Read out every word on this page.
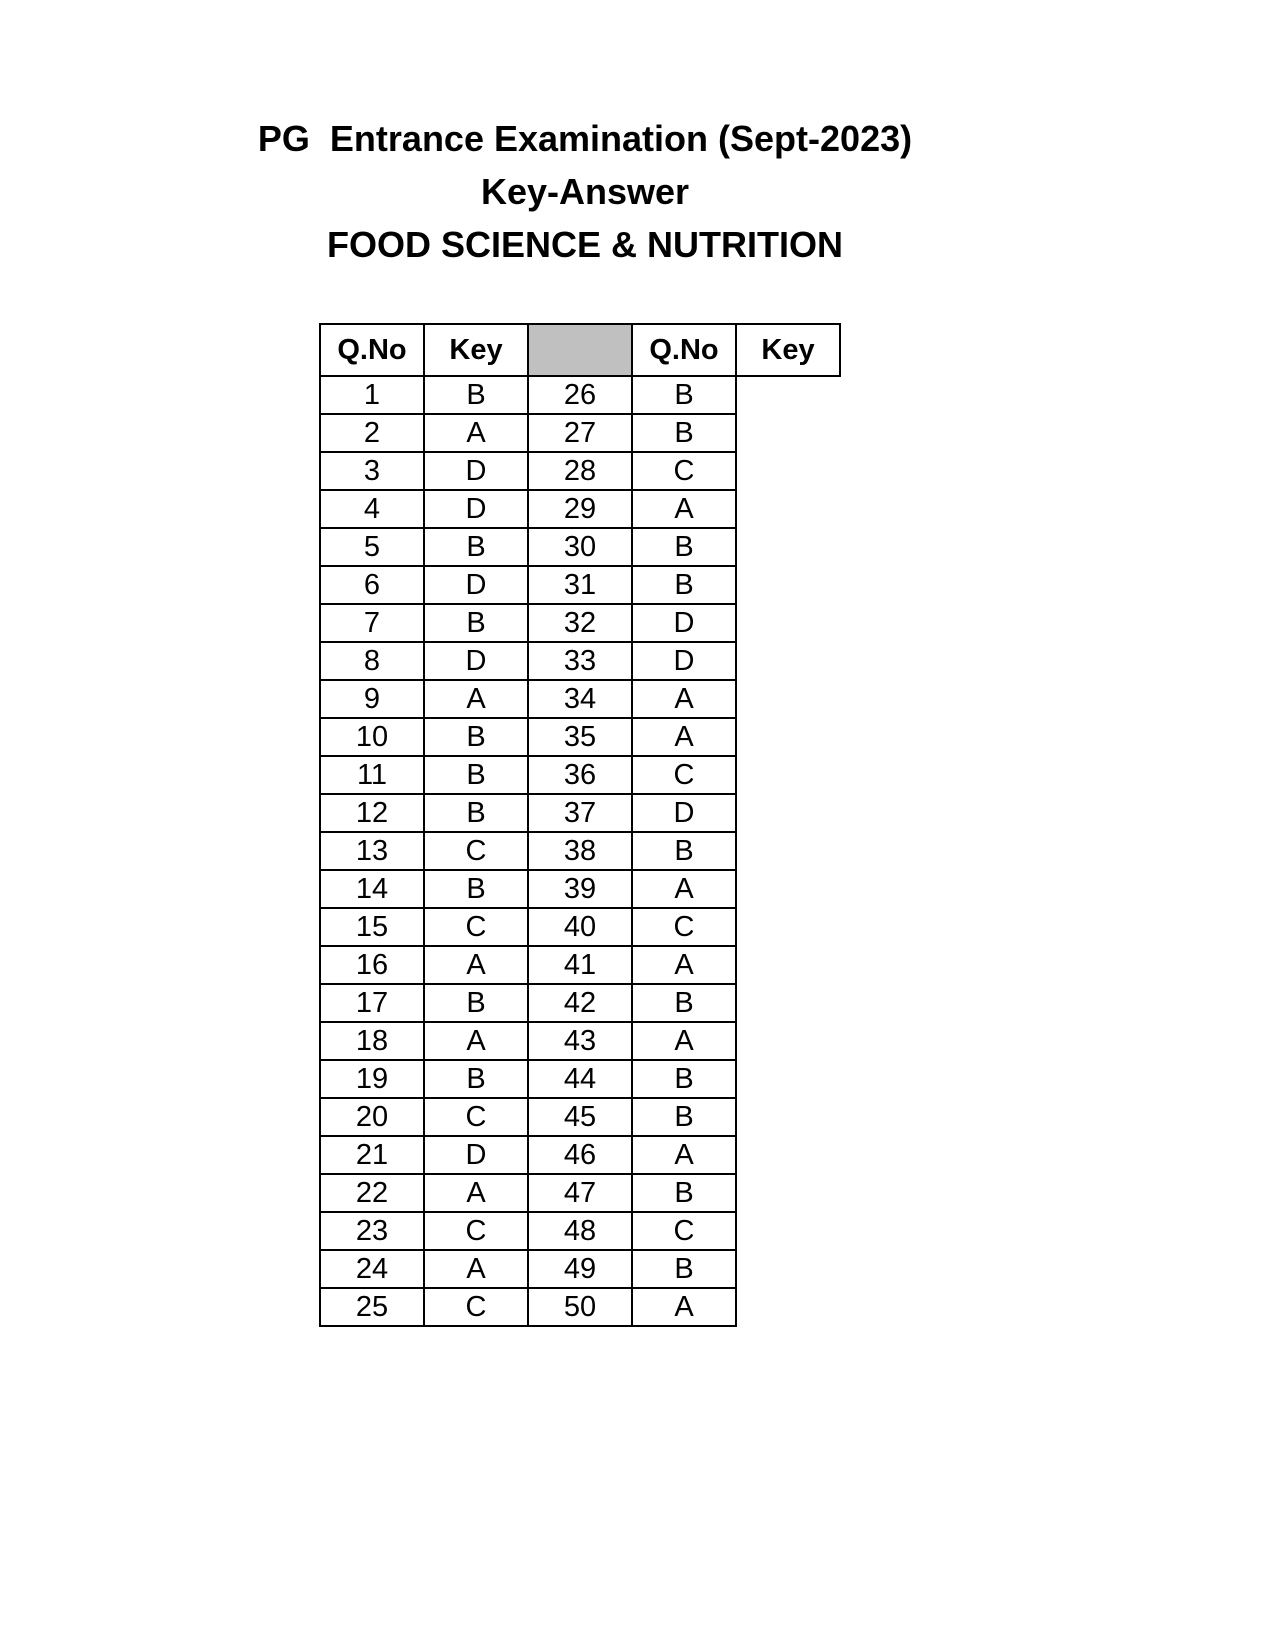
PG  Entrance Examination (Sept-2023)
Key-Answer
FOOD SCIENCE & NUTRITION
Q.No	Key		Q.No	Key
1	B	26	B	
2	A	27	B	
3	D	28	C	
4	D	29	A	
5	B	30	B	
6	D	31	B	
7	B	32	D	
8	D	33	D	
9	A	34	A	
10	B	35	A	
11	B	36	C	
12	B	37	D	
13	C	38	B	
14	B	39	A	
15	C	40	C	
16	A	41	A	
17	B	42	B	
18	A	43	A	
19	B	44	B	
20	C	45	B	
21	D	46	A	
22	A	47	B	
23	C	48	C	
24	A	49	B	
25	C	50	A	
